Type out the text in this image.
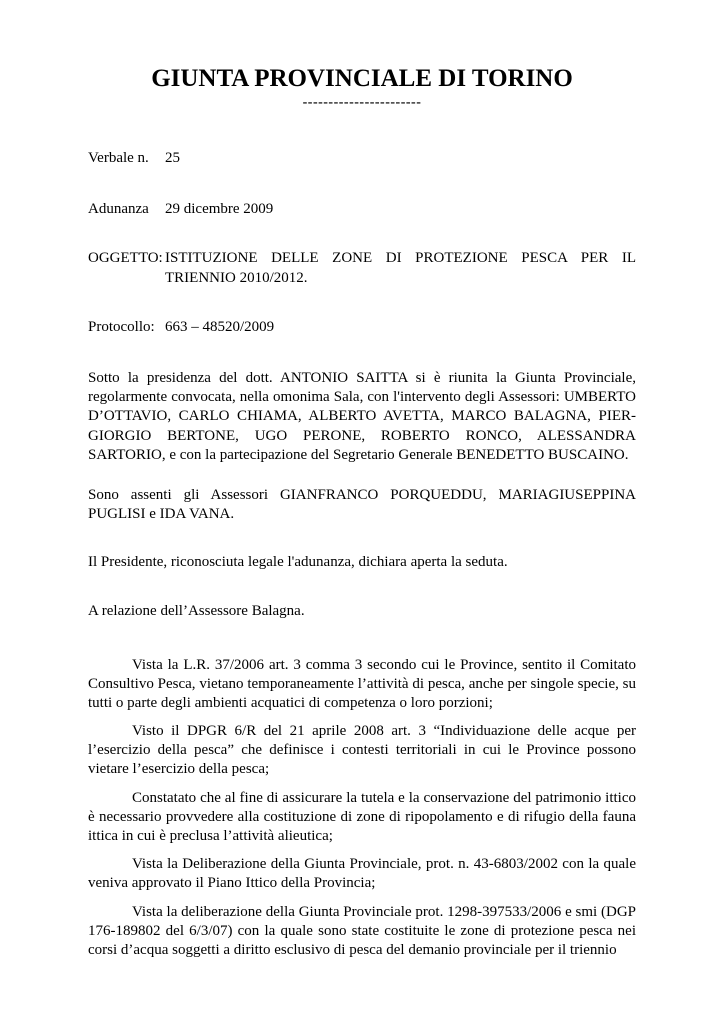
GIUNTA PROVINCIALE DI TORINO
-----------------------
Verbale n. 25
Adunanza 29 dicembre 2009
OGGETTO: ISTITUZIONE DELLE ZONE DI PROTEZIONE PESCA PER IL TRIENNIO 2010/2012.
Protocollo: 663 – 48520/2009

Sotto la presidenza del dott. ANTONIO SAITTA si è riunita la Giunta Provinciale, regolarmente convocata, nella omonima Sala, con l'intervento degli Assessori: UMBERTO D’OTTAVIO, CARLO CHIAMA, ALBERTO AVETTA, MARCO BALAGNA, PIER-GIORGIO BERTONE, UGO PERONE, ROBERTO RONCO, ALESSANDRA SARTORIO, e con la partecipazione del Segretario Generale BENEDETTO BUSCAINO.

Sono assenti gli Assessori GIANFRANCO PORQUEDDU, MARIAGIUSEPPINA PUGLISI e IDA VANA.

Il Presidente, riconosciuta legale l'adunanza, dichiara aperta la seduta.

A relazione dell’Assessore Balagna.

Vista la L.R. 37/2006 art. 3 comma 3 secondo cui le Province, sentito il Comitato Consultivo Pesca, vietano temporaneamente l’attività di pesca, anche per singole specie, su tutti o parte degli ambienti acquatici di competenza o loro porzioni;

Visto il DPGR 6/R del 21 aprile 2008 art. 3 “Individuazione delle acque per l’esercizio della pesca” che definisce i contesti territoriali in cui le Province possono vietare l’esercizio della pesca;

Constatato che al fine di assicurare la tutela e la conservazione del patrimonio ittico è necessario provvedere alla costituzione di zone di ripopolamento e di rifugio della fauna ittica in cui è preclusa l’attività alieutica;

Vista la Deliberazione della Giunta Provinciale, prot. n. 43-6803/2002 con la quale veniva approvato il Piano Ittico della Provincia;

Vista la deliberazione della Giunta Provinciale prot. 1298-397533/2006 e smi (DGP 176-189802 del 6/3/07) con la quale sono state costituite le zone di protezione pesca nei corsi d’acqua soggetti a diritto esclusivo di pesca del demanio provinciale per il triennio
